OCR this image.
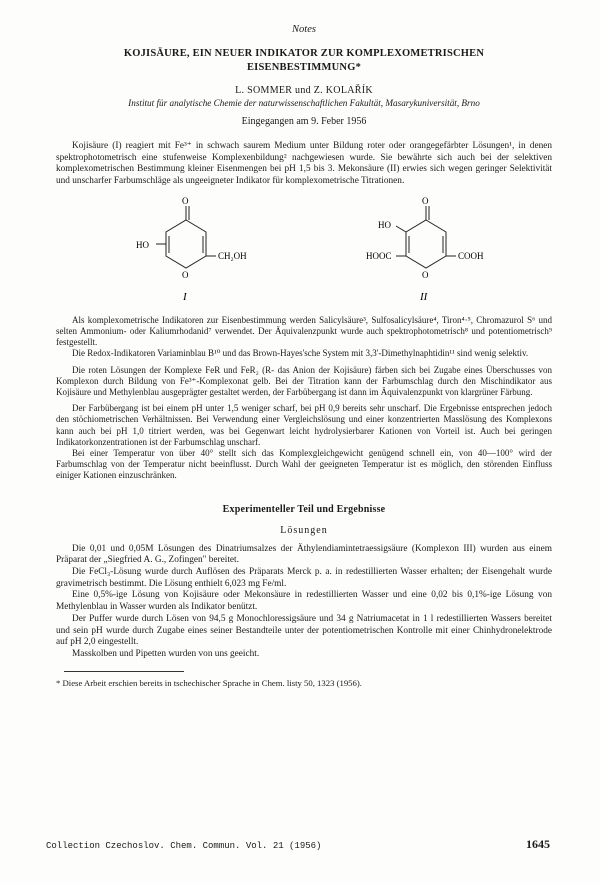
Notes
KOJISÄURE, EIN NEUER INDIKATOR ZUR KOMPLEXOMETRISCHEN
EISENBESTIMMUNG*
L. SOMMER und Z. KOLAŘÍK
Institut für analytische Chemie der naturwissenschaftlichen Fakultät, Masarykuniversität, Brno
Eingegangen am 9. Feber 1956

Kojisäure (I) reagiert mit Fe³⁺ in schwach saurem Medium unter Bildung roter oder orangegefärbter Lösungen¹, in denen spektrophotometrisch eine stufenweise Komplexenbildung² nachgewiesen wurde. Sie bewährte sich auch bei der selektiven komplexometrischen Bestimmung kleiner Eisenmengen bei pH 1,5 bis 3. Mekonsäure (II) erwies sich wegen geringer Selektivität und unscharfer Farbumschläge als ungeeigneter Indikator für komplexometrische Titrationen.

O
HO
CH₂OH
O
I
O
HO
HOOC	COOH
O
II

Als komplexometrische Indikatoren zur Eisenbestimmung werden Salicylsäure³, Sulfosalicylsäure⁴, Tiron⁴·⁵, Chromazurol S⁶ und selten Ammonium- oder Kaliumrhodanid⁷ verwendet. Der Äquivalenzpunkt wurde auch spektrophotometrisch⁸ und potentiometrisch⁹ festgestellt.

Die Redox-Indikatoren Variaminblau B¹⁰ und das Brown-Hayes'sche System mit 3,3'-Dimethylnaphtidin¹¹ sind wenig selektiv.

Die roten Lösungen der Komplexe FeR und FeR₂ (R- das Anion der Kojisäure) färben sich bei Zugabe eines Überschusses von Komplexon durch Bildung von Fe³⁺-Komplexonat gelb. Bei der Titration kann der Farbumschlag durch den Mischindikator aus Kojisäure und Methylenblau ausgeprägter gestaltet werden, der Farbübergang ist dann im Äquivalenzpunkt von klargrüner Färbung.

Der Farbübergang ist bei einem pH unter 1,5 weniger scharf, bei pH 0,9 bereits sehr unscharf. Die Ergebnisse entsprechen jedoch den stöchiometrischen Verhältnissen. Bei Verwendung einer Vergleichslösung und einer konzentrierten Masslösung des Komplexons kann auch bei pH 1,0 titriert werden, was bei Gegenwart leicht hydrolysierbarer Kationen von Vorteil ist. Auch bei geringen Indikatorkonzentrationen ist der Farbumschlag unscharf.

Bei einer Temperatur von über 40° stellt sich das Komplexgleichgewicht genügend schnell ein, von 40—100° wird der Farbumschlag von der Temperatur nicht beeinflusst. Durch Wahl der geeigneten Temperatur ist es möglich, den störenden Einfluss einiger Kationen einzuschränken.

Experimenteller Teil und Ergebnisse
Lösungen

Die 0,01 und 0,05M Lösungen des Dinatriumsalzes der Äthylendiamintetraessigsäure (Komplexon III) wurden aus einem Präparat der „Siegfried A. G., Zofingen" bereitet.

Die FeCl₃-Lösung wurde durch Auflösen des Präparats Merck p. a. in redestillierten Wasser erhalten; der Eisengehalt wurde gravimetrisch bestimmt. Die Lösung enthielt 6,023 mg Fe/ml.

Eine 0,5%-ige Lösung von Kojisäure oder Mekonsäure in redestillierten Wasser und eine 0,02 bis 0,1%-ige Lösung von Methylenblau in Wasser wurden als Indikator benützt.

Der Puffer wurde durch Lösen von 94,5 g Monochloressigsäure und 34 g Natriumacetat in 1 l redestillierten Wassers bereitet und sein pH wurde durch Zugabe eines seiner Bestandteile unter der potentiometrischen Kontrolle mit einer Chinhydronelektrode auf pH 2,0 eingestellt.

Masskolben und Pipetten wurden von uns geeicht.

* Diese Arbeit erschien bereits in tschechischer Sprache in Chem. listy 50, 1323 (1956).

Collection Czechoslov. Chem. Commun. Vol. 21 (1956)	1645
